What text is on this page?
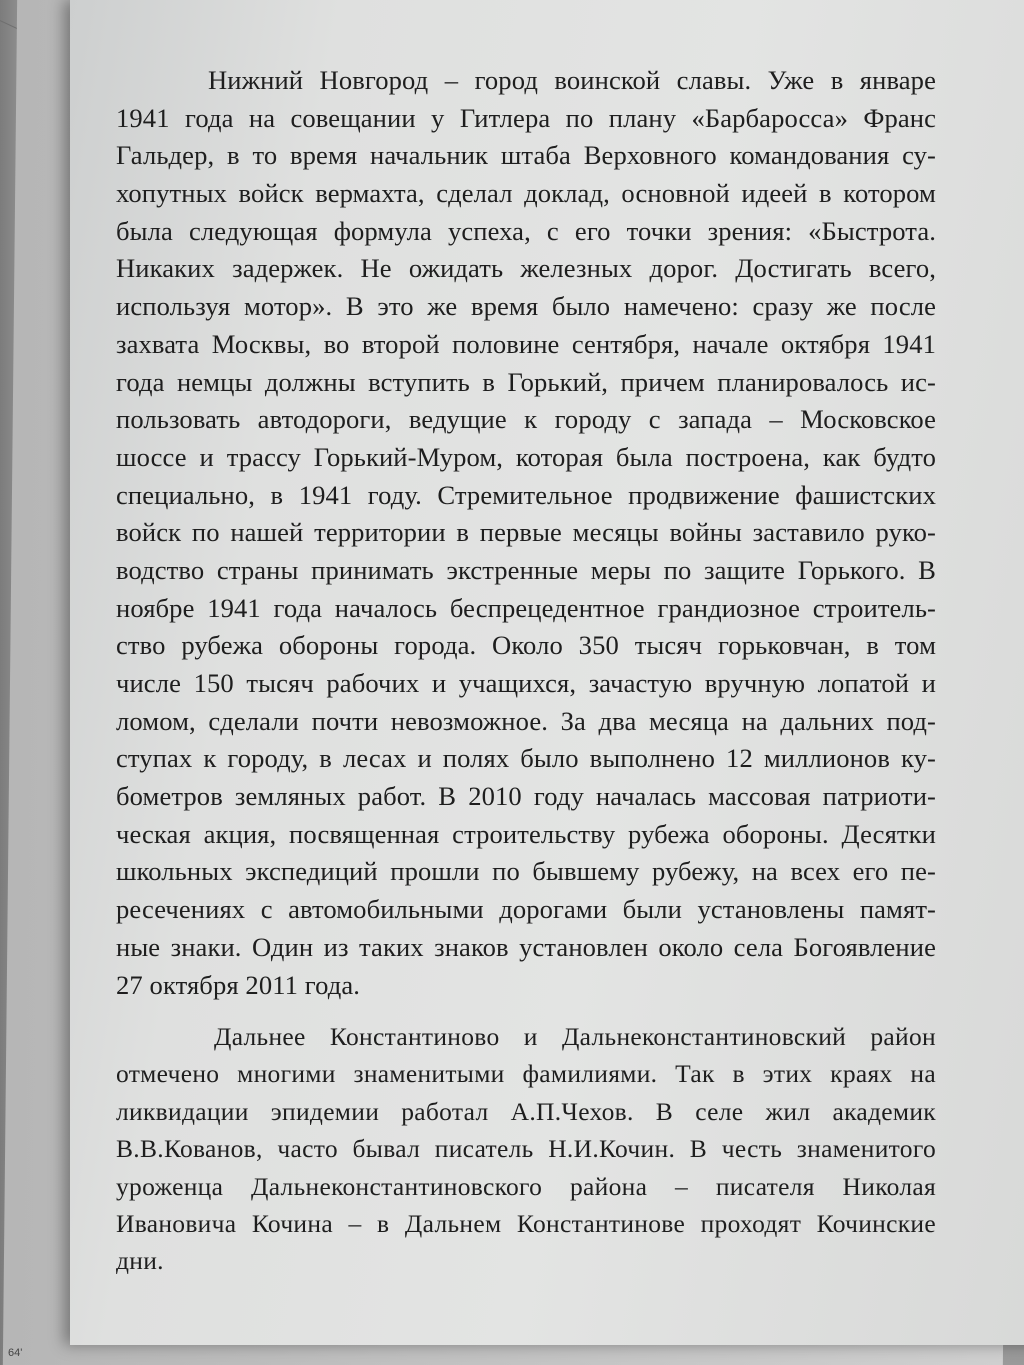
64'
Нижний Новгород – город воинской славы. Уже в январе
1941 года на совещании у Гитлера по плану «Барбаросса» Франс
Гальдер, в то время начальник штаба Верховного командования су-
хопутных войск вермахта, сделал доклад, основной идеей в котором
была следующая формула успеха, с его точки зрения: «Быстрота.
Никаких задержек. Не ожидать железных дорог. Достигать всего,
используя мотор». В это же время было намечено: сразу же после
захвата Москвы, во второй половине сентября, начале октября 1941
года немцы должны вступить в Горький, причем планировалось ис-
пользовать автодороги, ведущие к городу с запада – Московское
шоссе и трассу Горький-Муром, которая была построена, как будто
специально, в 1941 году. Стремительное продвижение фашистских
войск по нашей территории в первые месяцы войны заставило руко-
водство страны принимать экстренные меры по защите Горького. В
ноябре 1941 года началось беспрецедентное грандиозное строитель-
ство рубежа обороны города. Около 350 тысяч горьковчан, в том
числе 150 тысяч рабочих и учащихся, зачастую вручную лопатой и
ломом, сделали почти невозможное. За два месяца на дальних под-
ступах к городу, в лесах и полях было выполнено 12 миллионов ку-
бометров земляных работ. В 2010 году началась массовая патриоти-
ческая акция, посвященная строительству рубежа обороны. Десятки
школьных экспедиций прошли по бывшему рубежу, на всех его пе-
ресечениях с автомобильными дорогами были установлены памят-
ные знаки. Один из таких знаков установлен около села Богоявление
27 октября 2011 года.
Дальнее Константиново и Дальнеконстантиновский район
отмечено многими знаменитыми фамилиями. Так в этих краях на
ликвидации эпидемии работал А.П.Чехов. В селе жил академик
В.В.Кованов, часто бывал писатель Н.И.Кочин. В честь знаменитого
уроженца Дальнеконстантиновского района – писателя Николая
Ивановича Кочина – в Дальнем Константинове проходят Кочинские
дни.
